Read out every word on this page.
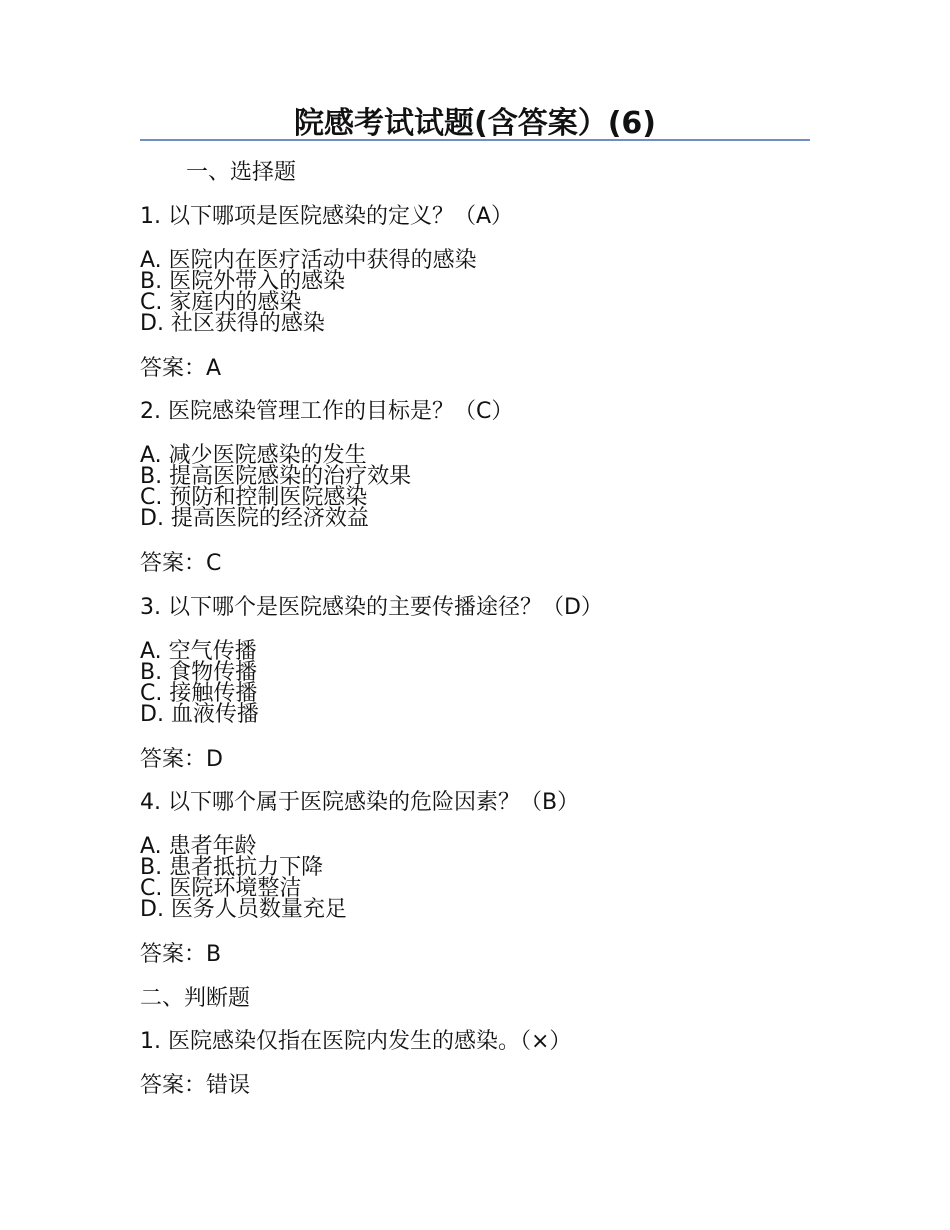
院感考试试题(含答案）(6)
一、选择题
1. 以下哪项是医院感染的定义？（A）
A. 医院内在医疗活动中获得的感染
B. 医院外带入的感染
C. 家庭内的感染
D. 社区获得的感染
答案：A
2. 医院感染管理工作的目标是？（C）
A. 减少医院感染的发生
B. 提高医院感染的治疗效果
C. 预防和控制医院感染
D. 提高医院的经济效益
答案：C
3. 以下哪个是医院感染的主要传播途径？（D）
A. 空气传播
B. 食物传播
C. 接触传播
D. 血液传播
答案：D
4. 以下哪个属于医院感染的危险因素？（B）
A. 患者年龄
B. 患者抵抗力下降
C. 医院环境整洁
D. 医务人员数量充足
答案：B
二、判断题
1. 医院感染仅指在医院内发生的感染。（×）
答案：错误
